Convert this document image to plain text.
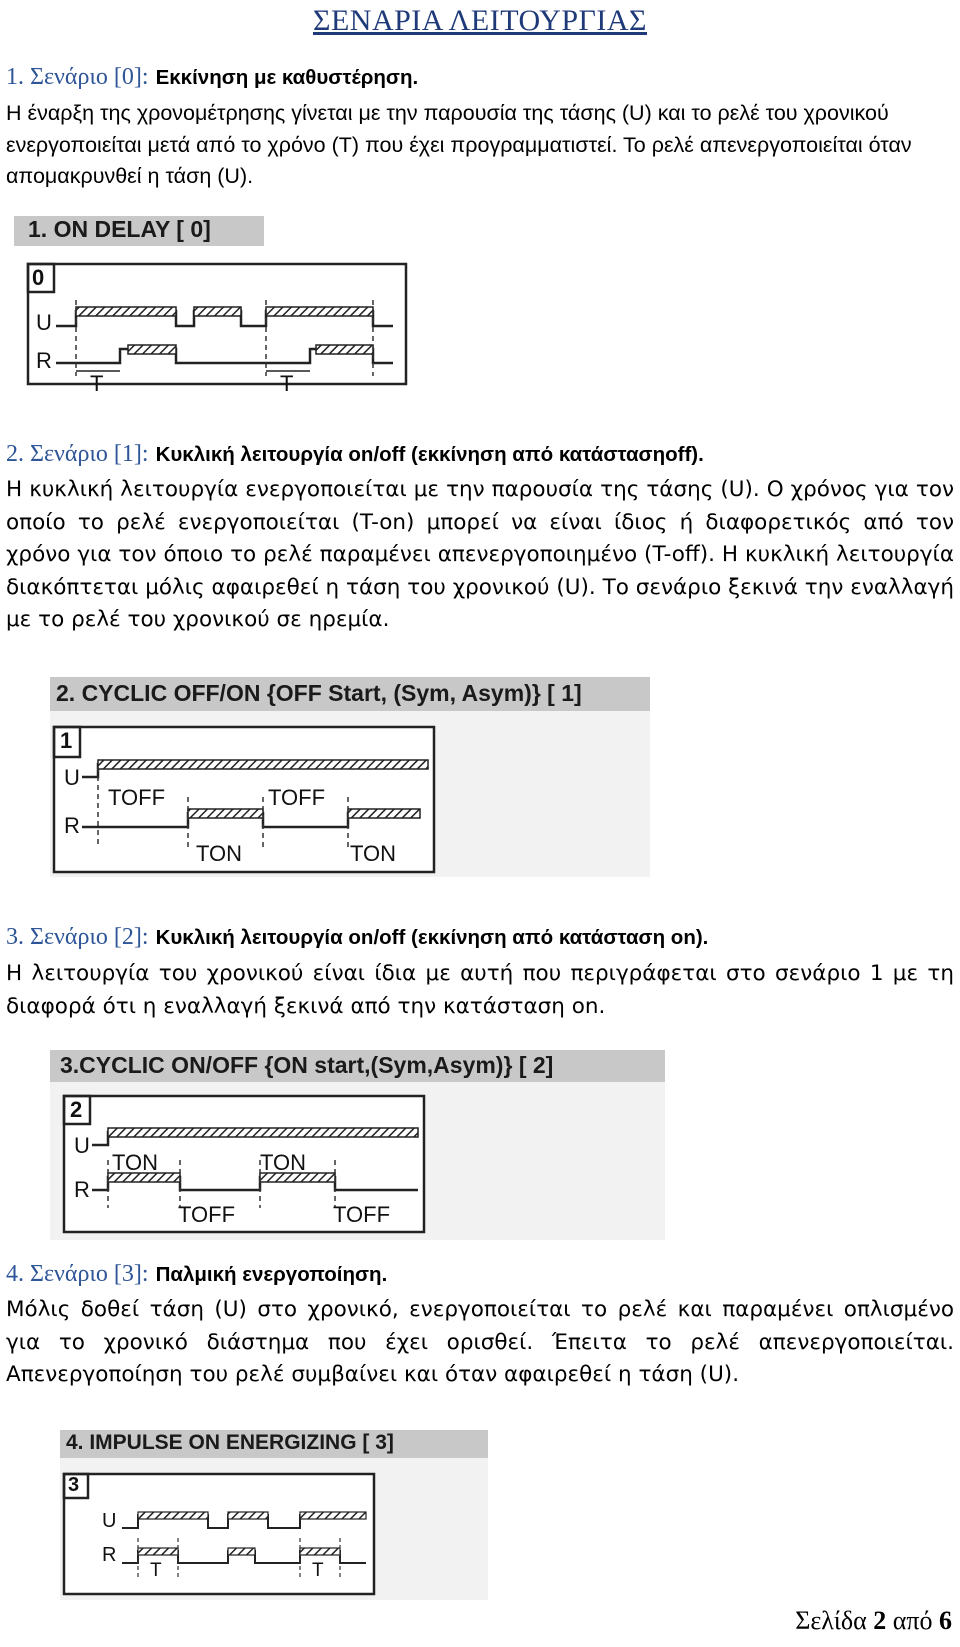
ΣΕΝΑΡΙΑ ΛΕΙΤΟΥΡΓΙΑΣ
1. Σενάριο [0]: Εκκίνηση με καθυστέρηση.
Η έναρξη της χρονομέτρησης γίνεται με την παρουσία της τάσης (U) και το ρελέ του χρονικού ενεργοποιείται μετά από το χρόνο (T) που έχει προγραμματιστεί. Το ρελέ απενεργοποιείται όταν απομακρυνθεί η τάση (U).
1. ON DELAY [ 0]
0
U
R
T	T
2. Σενάριο [1]: Κυκλική λειτουργία on/off (εκκίνηση από κατάστασηoff).
Η κυκλική λειτουργία ενεργοποιείται με την παρουσία της τάσης (U). Ο χρόνος για τον οποίο το ρελέ ενεργοποιείται (T-on) μπορεί να είναι ίδιος ή διαφορετικός από τον χρόνο για τον όποιο το ρελέ παραμένει απενεργοποιημένο (T-off). Η κυκλική λειτουργία διακόπτεται μόλις αφαιρεθεί η τάση του χρονικού (U). Το σενάριο ξεκινά την εναλλαγή με το ρελέ του χρονικού σε ηρεμία.
2. CYCLIC OFF/ON {OFF Start, (Sym, Asym)} [ 1]
1
U
R
TOFF	TOFF
TON	TON
3. Σενάριο [2]: Κυκλική λειτουργία on/off (εκκίνηση από κατάσταση on).
Η λειτουργία του χρονικού είναι ίδια με αυτή που περιγράφεται στο σενάριο 1 με τη διαφορά ότι η εναλλαγή ξεκινά από την κατάσταση on.
3.CYCLIC ON/OFF {ON start,(Sym,Asym)} [ 2]
2
U
R
TON	TON
TOFF	TOFF
4. Σενάριο [3]: Παλμική ενεργοποίηση.
Μόλις δοθεί τάση (U) στο χρονικό, ενεργοποιείται το ρελέ και παραμένει οπλισμένο για το χρονικό διάστημα που έχει ορισθεί. Έπειτα το ρελέ απενεργοποιείται. Απενεργοποίηση του ρελέ συμβαίνει και όταν αφαιρεθεί η τάση (U).
4. IMPULSE ON ENERGIZING [ 3]
3
U
R
T	T
Σελίδα 2 από 6
